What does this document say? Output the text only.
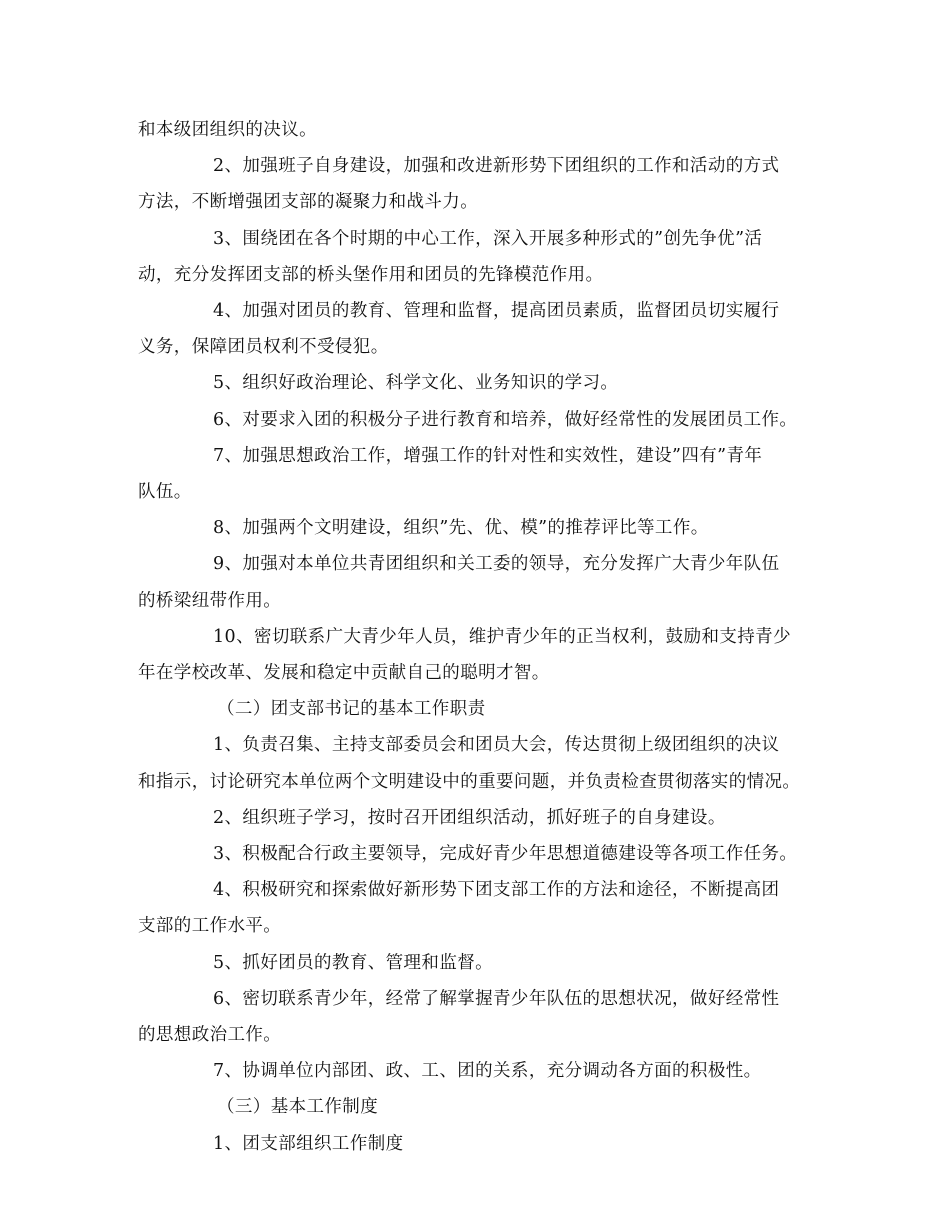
和本级团组织的决议。

2、加强班子自身建设，加强和改进新形势下团组织的工作和活动的方式

方法，不断增强团支部的凝聚力和战斗力。

3、围绕团在各个时期的中心工作，深入开展多种形式的”创先争优”活

动，充分发挥团支部的桥头堡作用和团员的先锋模范作用。

4、加强对团员的教育、管理和监督，提高团员素质，监督团员切实履行

义务，保障团员权利不受侵犯。

5、组织好政治理论、科学文化、业务知识的学习。

6、对要求入团的积极分子进行教育和培养，做好经常性的发展团员工作。

7、加强思想政治工作，增强工作的针对性和实效性，建设”四有”青年

队伍。

8、加强两个文明建设，组织”先、优、模”的推荐评比等工作。

9、加强对本单位共青团组织和关工委的领导，充分发挥广大青少年队伍

的桥梁纽带作用。

10、密切联系广大青少年人员，维护青少年的正当权利，鼓励和支持青少

年在学校改革、发展和稳定中贡献自己的聪明才智。

（二）团支部书记的基本工作职责

1、负责召集、主持支部委员会和团员大会，传达贯彻上级团组织的决议

和指示，讨论研究本单位两个文明建设中的重要问题，并负责检查贯彻落实的情况。

2、组织班子学习，按时召开团组织活动，抓好班子的自身建设。

3、积极配合行政主要领导，完成好青少年思想道德建设等各项工作任务。

4、积极研究和探索做好新形势下团支部工作的方法和途径，不断提高团

支部的工作水平。

5、抓好团员的教育、管理和监督。

6、密切联系青少年，经常了解掌握青少年队伍的思想状况，做好经常性

的思想政治工作。

7、协调单位内部团、政、工、团的关系，充分调动各方面的积极性。

（三）基本工作制度

1、团支部组织工作制度
